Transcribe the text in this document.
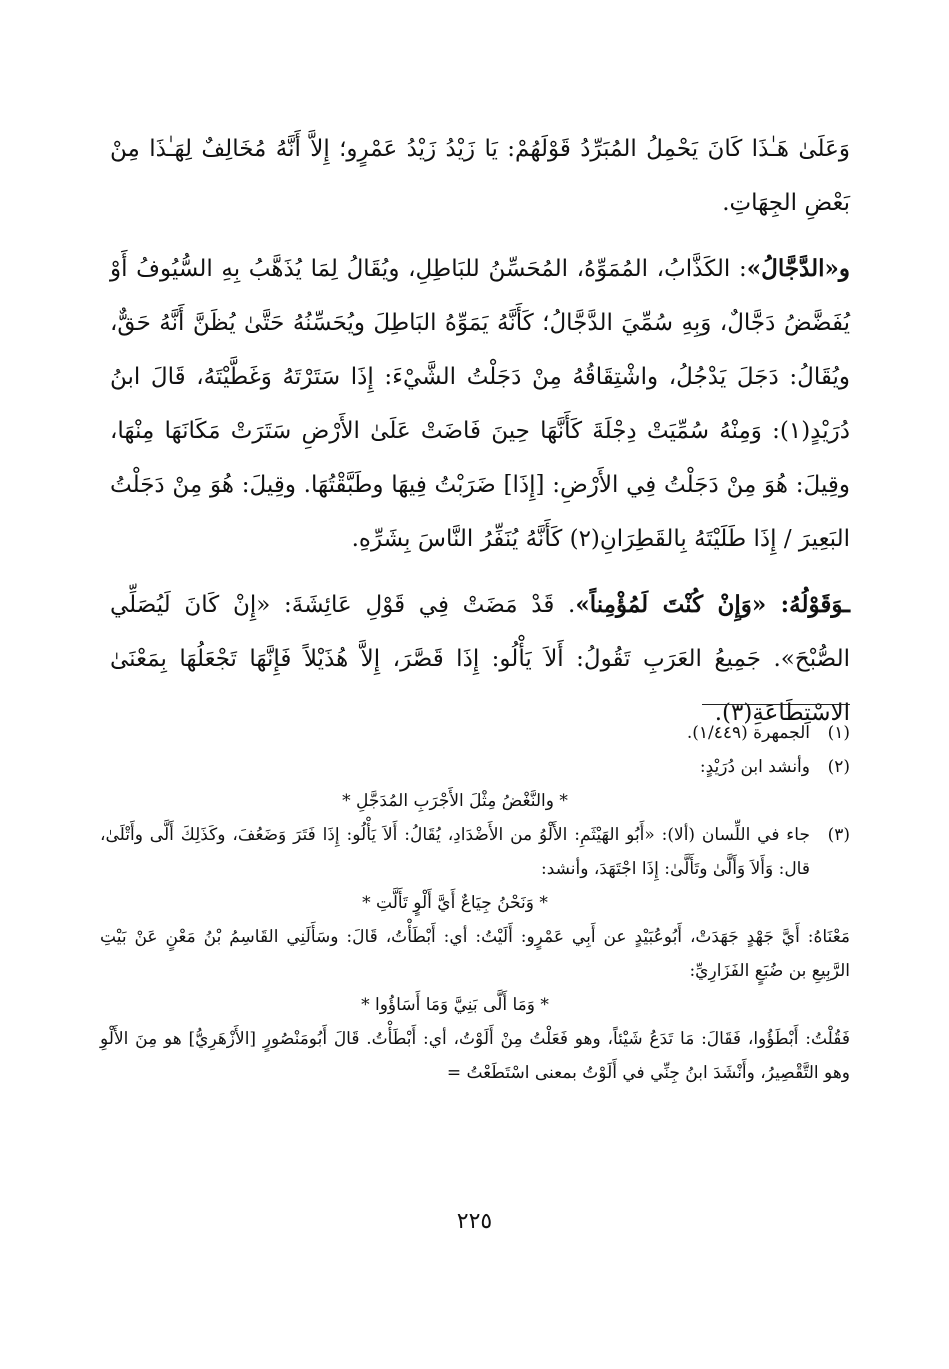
وَعَلَىٰ هَـٰذَا كَانَ يَحْمِلُ المُبَرِّدُ قَوْلَهُمْ: يَا زَيْدُ زَيْدُ عَمْرٍو؛ إِلاَّ أَنَّهُ مُخَالِفٌ لِهَـٰذَا مِنْ بَعْضِ الجِهَاتِ.

و«الدَّجَّالُ»: الكَذَّابُ، المُمَوِّهُ، المُحَسِّنُ للبَاطِلِ، ويُقَالُ لِمَا يُذَهَّبُ بِهِ السُّيُوفُ أَوْ يُفَضَّضُ دَجَّالٌ، وَبِهِ سُمِّيَ الدَّجَّالُ؛ كَأَنَّهُ يَمَوِّهُ البَاطِلَ ويُحَسِّنُهُ حَتَّىٰ يُظَنَّ أَنَّهُ حَقٌّ، ويُقَالُ: دَجَلَ يَدْجُلُ، واشْتِقَاقُهُ مِنْ دَجَلْتُ الشَّيْءَ: إِذَا سَتَرْتَهُ وَغَطَّيْتَهُ، قَالَ ابنُ دُرَيْدٍ(١): وَمِنْهُ سُمِّيَتْ دِجْلَةَ كَأَنَّهَا حِينَ فَاضَتْ عَلَىٰ الأَرْضِ سَتَرَتْ مَكَانَهَا مِنْهَا، وقِيلَ: هُوَ مِنْ دَجَلْتُ فِي الأَرْضِ: [إِذَا] ضَرَبْتُ فِيهَا وطَبَّقْتُهَا. وقِيلَ: هُوَ مِنْ دَجَلْتُ البَعِيرَ / إِذَا طَلَيْتَهُ بِالقَطِرَانِ(٢) كَأَنَّهُ يُنَفِّرُ النَّاسَ بِشَرِّهِ.

ـوَقَوْلُهُ: «وَإِنْ كُنْتَ لَمُؤْمِناً». قَدْ مَضَتْ فِي قَوْلِ عَائِشَةَ: «إِنْ كَانَ لَيُصَلِّي الصُّبْحَ». جَمِيعُ العَرَبِ تَقُولُ: أَلاَ يَأْلُو: إِذَا قَصَّرَ، إِلاَّ هُذَيْلاً فَإِنَّهَا تَجْعَلُهَا بِمَعْنَىٰ الاسْتِطَاعَةِ(٣).

(١)
الجمهرة (١/٤٤٩).
(٢)
وأنشد ابن دُرَيْدٍ:
* والنَّغْضُ مِثْلَ الأَجْرَبِ المُدَجَّلِ *
(٣)
جاء في اللِّسان (ألا): «أَبُو الهَيْثَمِ: الأَلْوُ من الأَضْدَادِ، يُقَالُ: أَلاَ يَأْلُو: إِذَا فَتَرَ وَضَعُفَ، وكَذَلِكَ أَلَّى وأَتْلَىٰ، قال: وَأَلاَ وَأَلَّىٰ وتَأَلَّىٰ: إِذَا اجْتَهَدَ، وأنشد:
* وَنَحْنُ جِيَاعٌ أَيَّ أَلْوٍ تَأَلَّتِ *
مَعْنَاهُ: أَيَّ جَهْدٍ جَهَدَتْ، أَبُوعُبَيْدٍ عن أَبِي عَمْرٍو: أَلَيْتُ: أي: أَبْطَأْتُ، قَالَ: وسَأَلَنِي القَاسِمُ بْنُ مَعْنٍ عَنْ بَيْتِ الرَّبِيعِ بن ضُبَعٍ الفَزَارِيِّ:
* وَمَا أَلَّى بَنِيَّ وَمَا أَسَاؤُوا *
فَقُلْتُ: أَبْطَؤُوا، فَقَالَ: مَا تَدَعُ شَيْئاً، وهو فَعَلْتُ مِنْ أَلَوْتُ، أي: أَبْطَأْتُ. قَالَ أَبُومَنْصُورٍ [الأَزْهَرِيُّ] هو مِنَ الأَلْوِ وهو التَّقْصِيرُ، وأَنْشَدَ ابنُ جِنِّي في أَلَوْتُ بمعنى اسْتَطَعْتُ =
٢٢٥
